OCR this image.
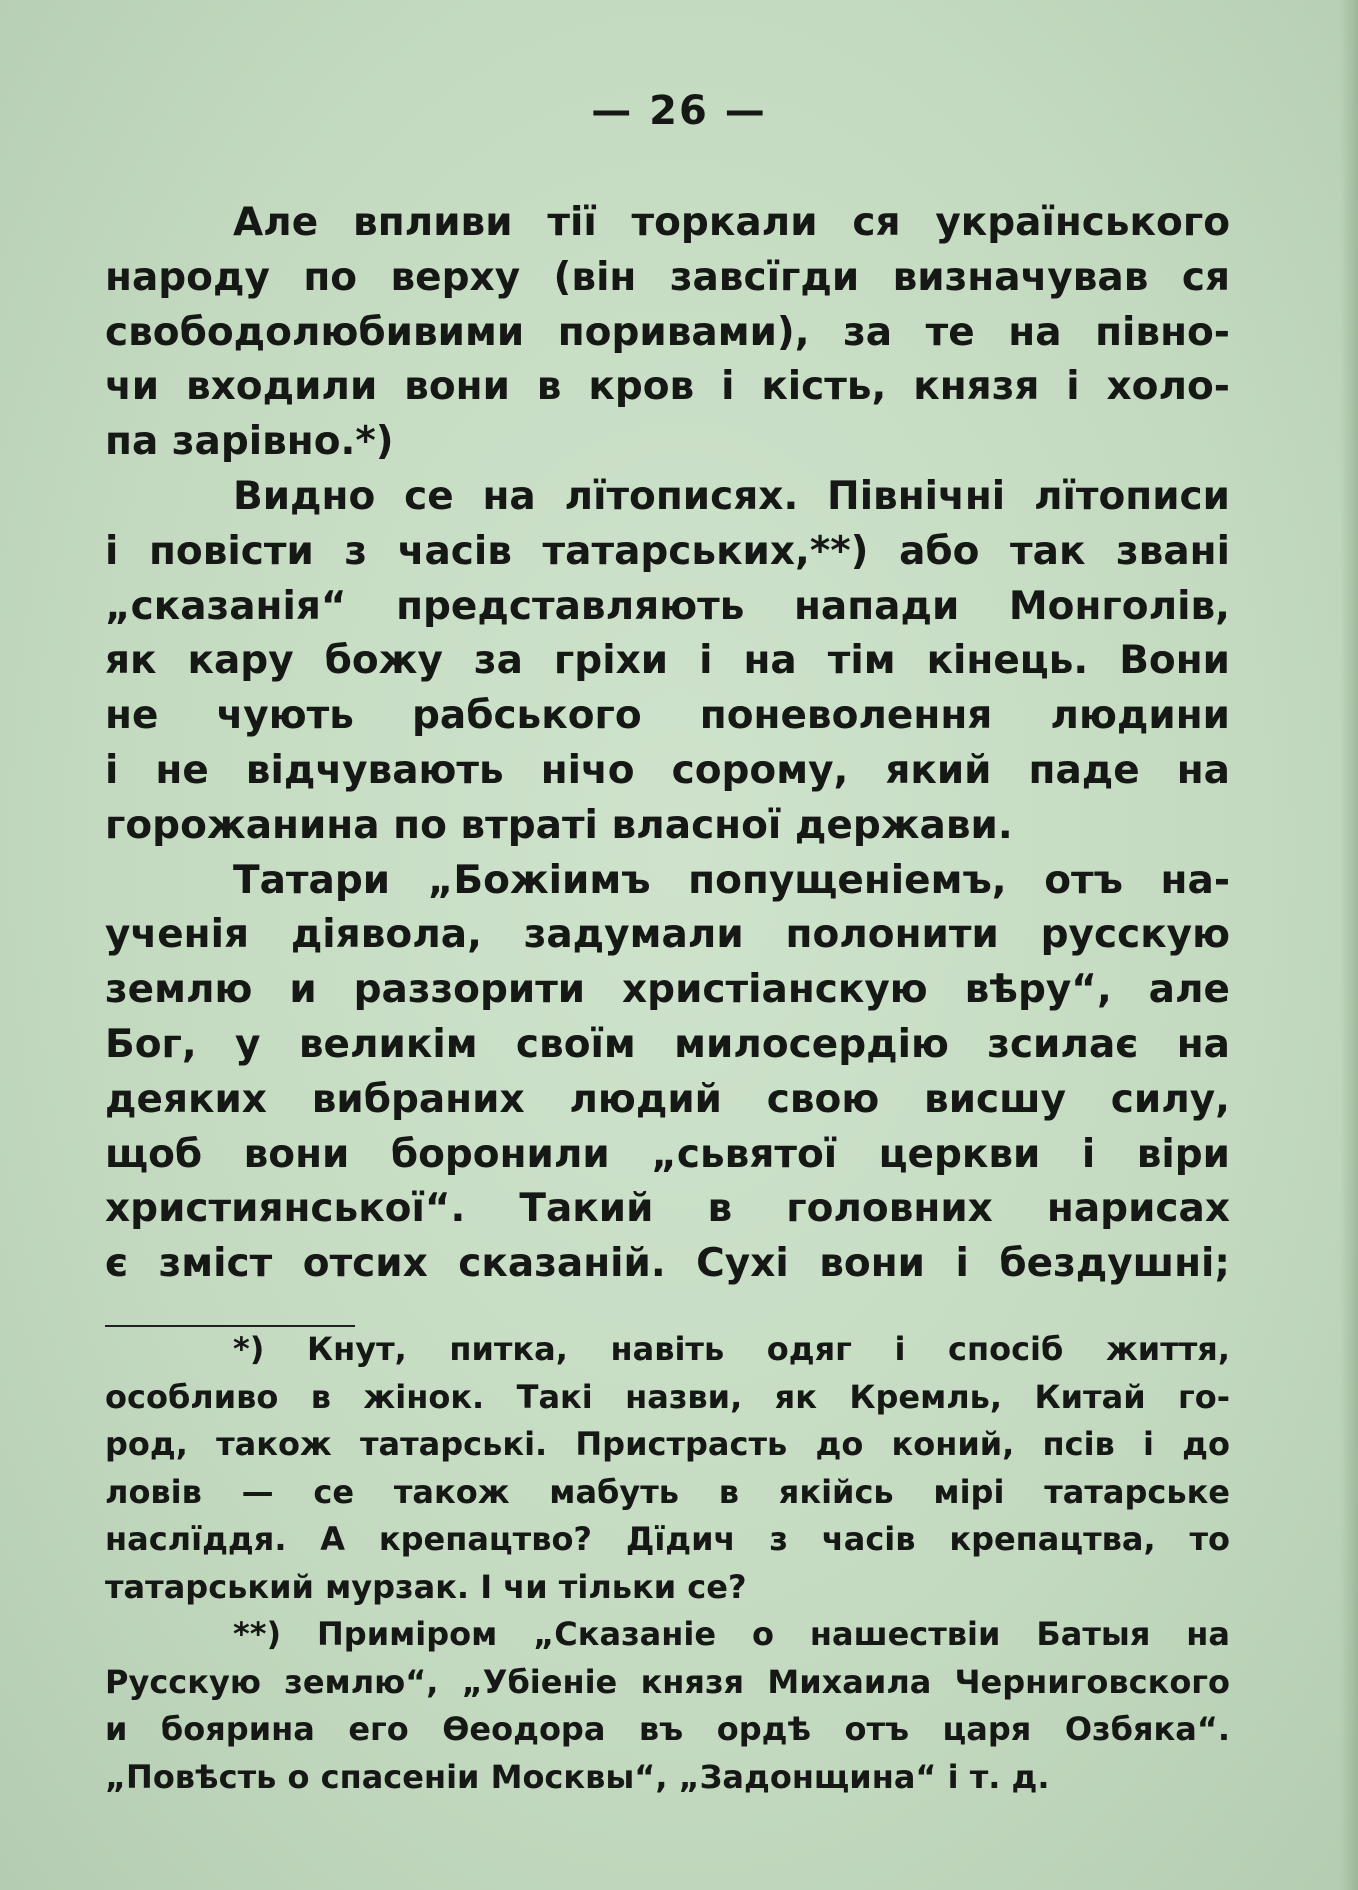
— 26 —
Але впливи тії торкали ся українського
народу по верху (він завсїгди визначував ся
свободолюбивими поривами), за те на півно-
чи входили вони в кров і кість, князя і холо-
па зарівно.*)
Видно се на лїтописях. Північні лїтописи
і повісти з часів татарських,**) або так звані
„сказанія“ представляють напади Монголів,
як кару божу за гріхи і на тім кінець. Вони
не чують рабського поневолення людини
і не відчувають нічо сорому, який паде на
горожанина по втраті власної держави.
Татари „Божіимъ попущеніемъ, отъ на-
ученія діявола, задумали полонити русскую
землю и раззорити христіанскую вѣру“, але
Бог, у великім своїм милосердію зсилає на
деяких вибраних людий свою висшу силу,
щоб вони боронили „сьвятої церкви і віри
християнської“. Такий в головних нарисах
є зміст отсих сказаній. Сухі вони і бездушні;
*) Кнут, питка, навіть одяг і спосіб життя,
особливо в жінок. Такі назви, як Кремль, Китай го-
род, також татарські. Пристрасть до коний, псів і до
ловів — се також мабуть в якійсь мірі татарське
наслїддя. А крепацтво? Дїдич з часів крепацтва, то
татарський мурзак. І чи тільки се?
**) Приміром „Сказаніе о нашествіи Батыя на
Русскую землю“, „Убіеніе князя Михаила Черниговского
и боярина его Өеодора въ ордѣ отъ царя Озбяка“.
„Повѣсть о спасеніи Москвы“, „Задонщина“ і т. д.
